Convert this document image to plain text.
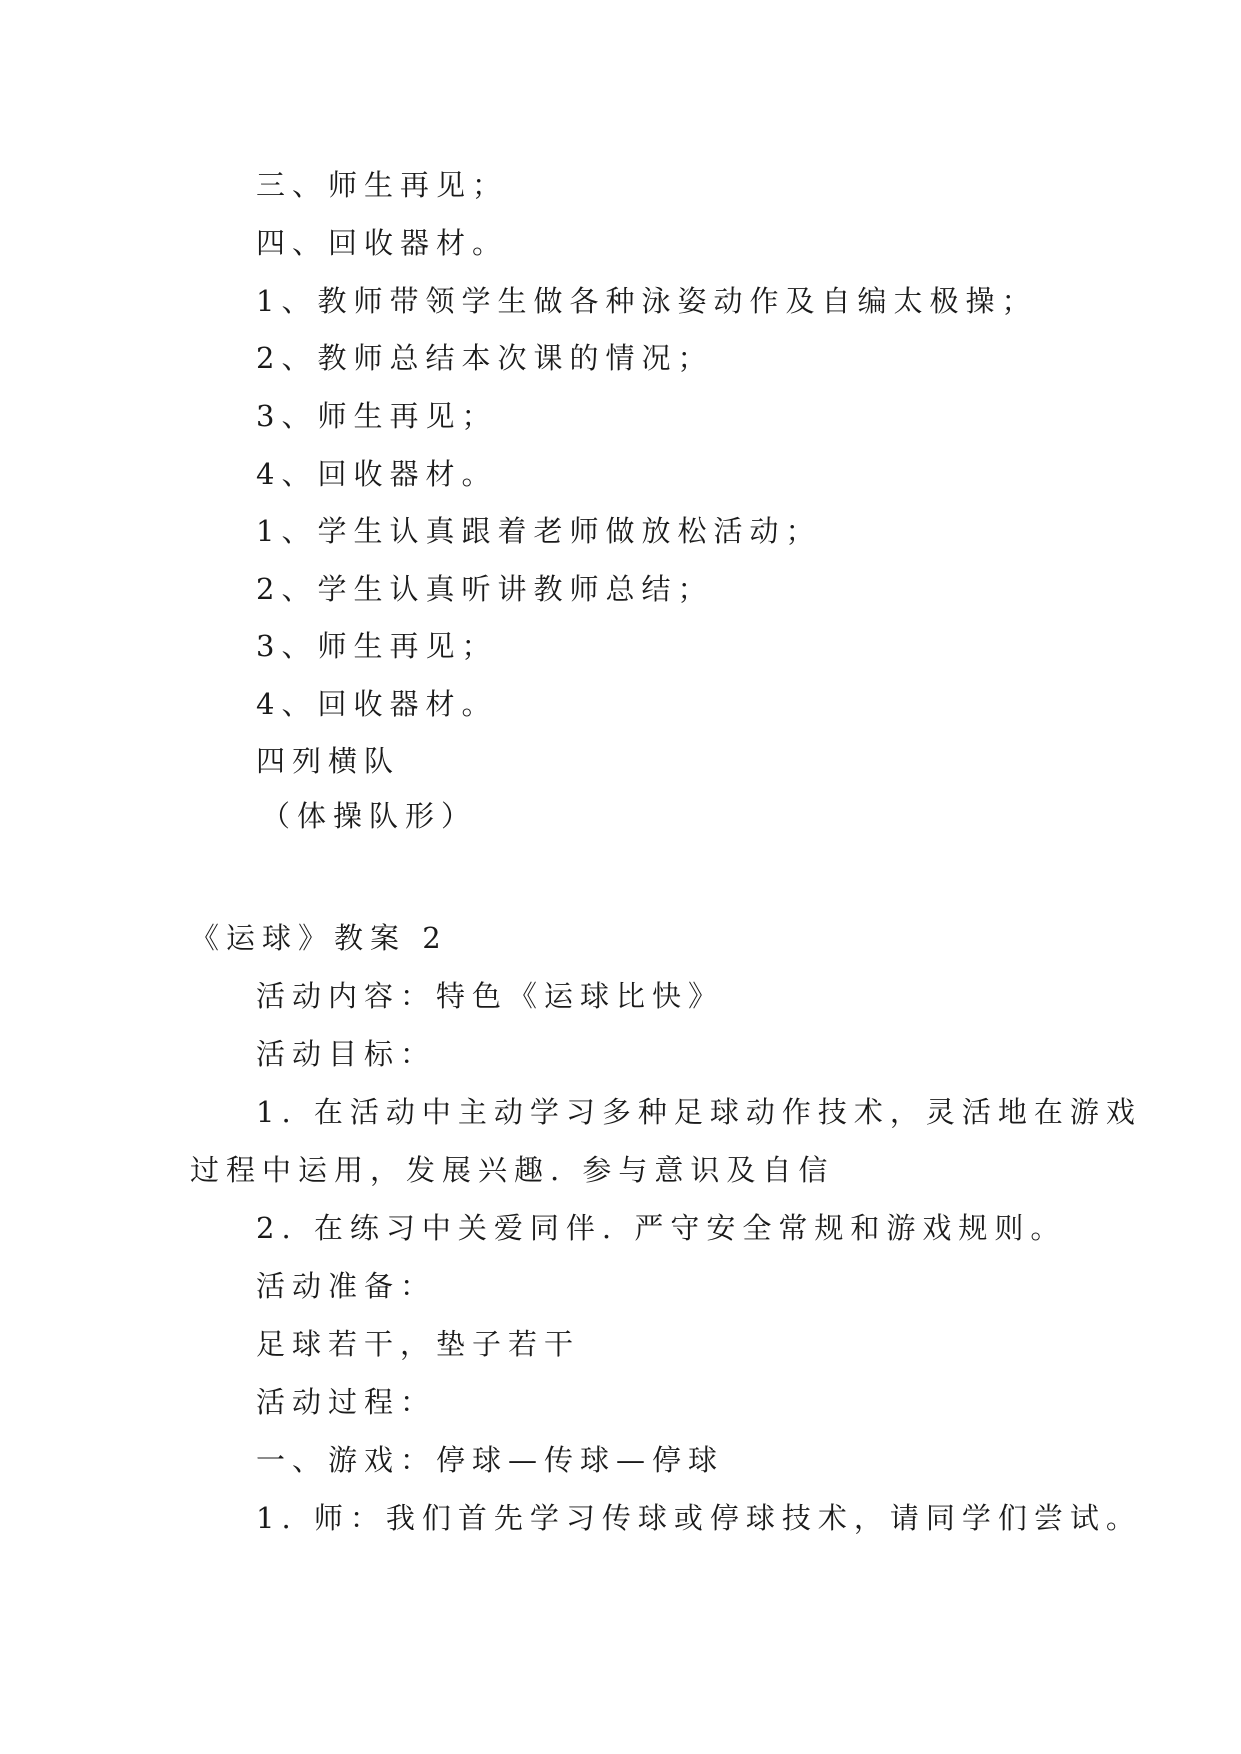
三、师生再见；
四、回收器材。
1、教师带领学生做各种泳姿动作及自编太极操；
2、教师总结本次课的情况；
3、师生再见；
4、回收器材。
1、学生认真跟着老师做放松活动；
2、学生认真听讲教师总结；
3、师生再见；
4、回收器材。
四列横队
（体操队形）
《运球》教案 2
活动内容：特色《运球比快》
活动目标：
1. 在活动中主动学习多种足球动作技术，灵活地在游戏
过程中运用，发展兴趣. 参与意识及自信
2. 在练习中关爱同伴. 严守安全常规和游戏规则。
活动准备：
足球若干，垫子若干
活动过程：
一、游戏：停球—传球—停球
1. 师：我们首先学习传球或停球技术，请同学们尝试。
